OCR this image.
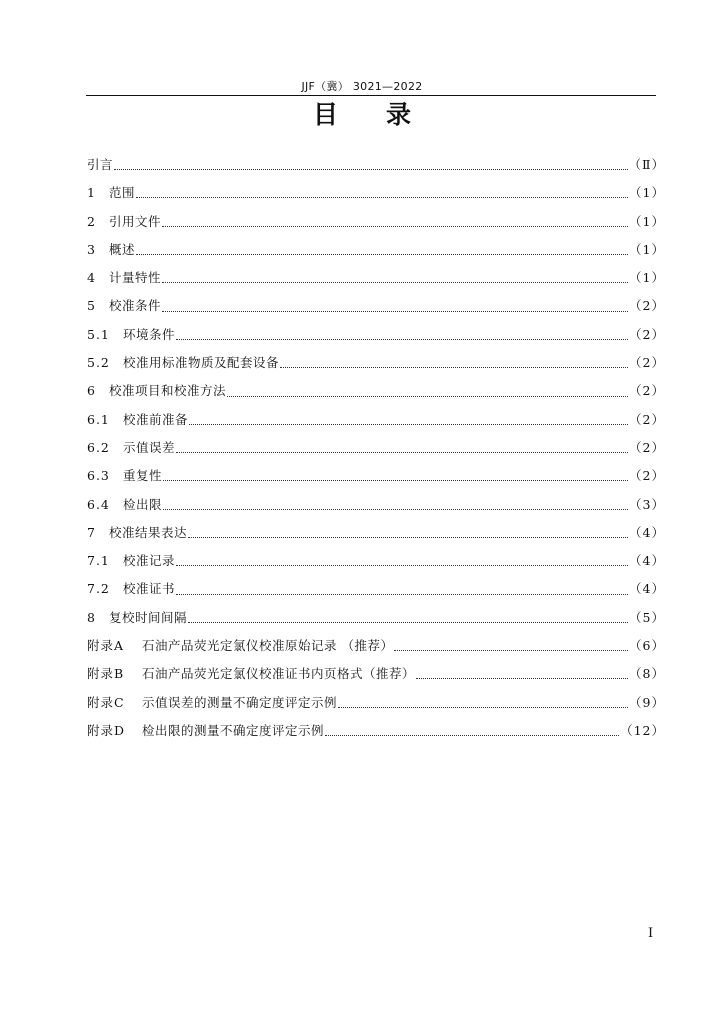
JJF（冀） 3021—2022
目录
引言	（Ⅱ）
1	范围	（1）
2	引用文件	（1）
3	概述	（1）
4	计量特性	（1）
5	校准条件	（2）
5.1	环境条件	（2）
5.2	校准用标准物质及配套设备	（2）
6	校准项目和校准方法	（2）
6.1	校准前准备	（2）
6.2	示值误差	（2）
6.3	重复性	（2）
6.4	检出限	（3）
7	校准结果表达	（4）
7.1	校准记录	（4）
7.2	校准证书	（4）
8	复校时间间隔	（5）
附录A	石油产品荧光定氯仪校准原始记录 （推荐）	（6）
附录B	石油产品荧光定氯仪校准证书内页格式（推荐）	（8）
附录C	示值误差的测量不确定度评定示例	（9）
附录D	检出限的测量不确定度评定示例	（12）
I
